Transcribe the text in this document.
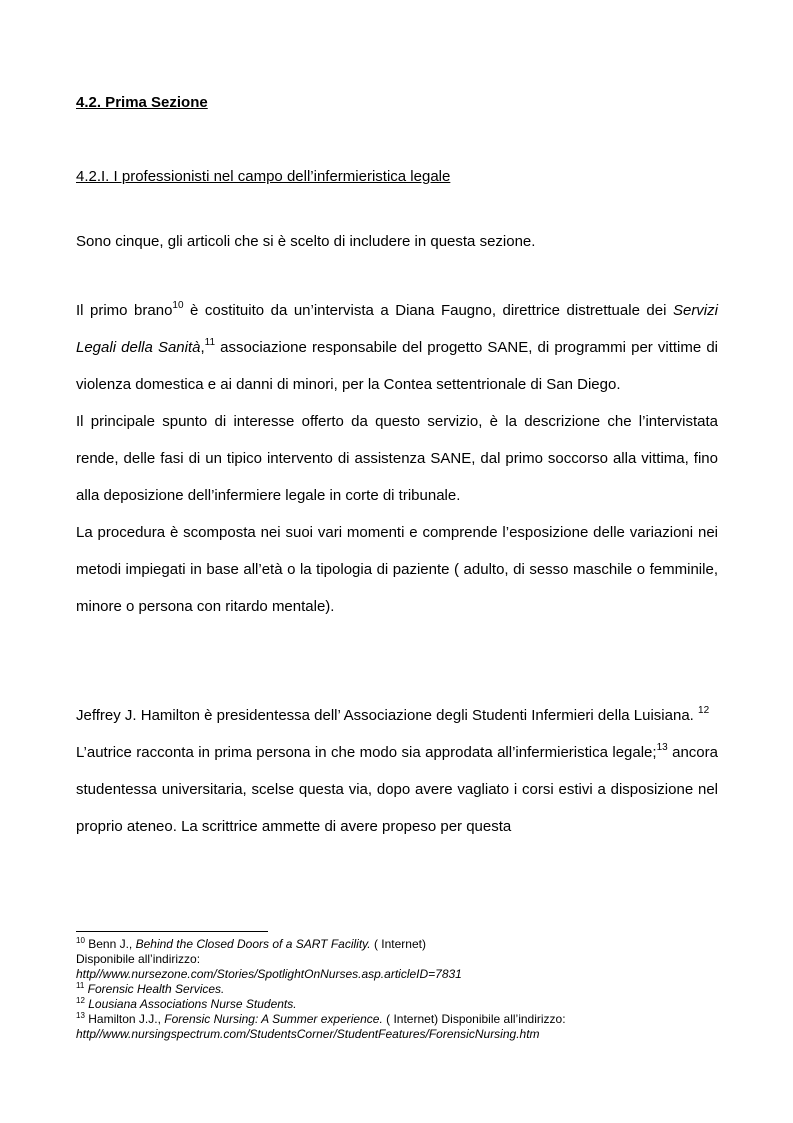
4.2. Prima Sezione
4.2.I. I professionisti nel campo dell’infermieristica legale

Sono cinque, gli articoli che si è scelto di includere in questa sezione.

Il primo brano$^{10}$ è costituito da un’intervista a Diana Faugno, direttrice distrettuale dei Servizi Legali della Sanità,$^{11}$ associazione responsabile del progetto SANE, di programmi per vittime di violenza domestica e ai danni di minori, per la Contea settentrionale di San Diego.

Il principale spunto di interesse offerto da questo servizio, è la descrizione che l’intervistata rende, delle fasi di un tipico intervento di assistenza SANE, dal primo soccorso alla vittima, fino alla deposizione dell’infermiere legale in corte di tribunale.

La procedura è scomposta nei suoi vari momenti e comprende l’esposizione delle variazioni nei metodi impiegati in base all’età o la tipologia di paziente ( adulto, di sesso maschile o femminile, minore o persona con ritardo mentale).

Jeffrey J. Hamilton è presidentessa dell’ Associazione degli Studenti Infermieri della Luisiana. $^{12}$

L’autrice racconta in prima persona in che modo sia approdata all’infermieristica legale;$^{13}$ ancora studentessa universitaria, scelse questa via, dopo avere vagliato i corsi estivi a disposizione nel proprio ateneo. La scrittrice ammette di avere propeso per questa

$^{10}$ Benn J., Behind the Closed Doors of a SART Facility. ( Internet)
Disponibile all’indirizzo:
http//www.nursezone.com/Stories/SpotlightOnNurses.asp.articleID=7831
$^{11}$ Forensic Health Services.
$^{12}$ Lousiana Associations Nurse Students.
$^{13}$ Hamilton J.J., Forensic Nursing: A Summer experience. ( Internet) Disponibile all’indirizzo:
http//www.nursingspectrum.com/StudentsCorner/StudentFeatures/ForensicNursing.htm
